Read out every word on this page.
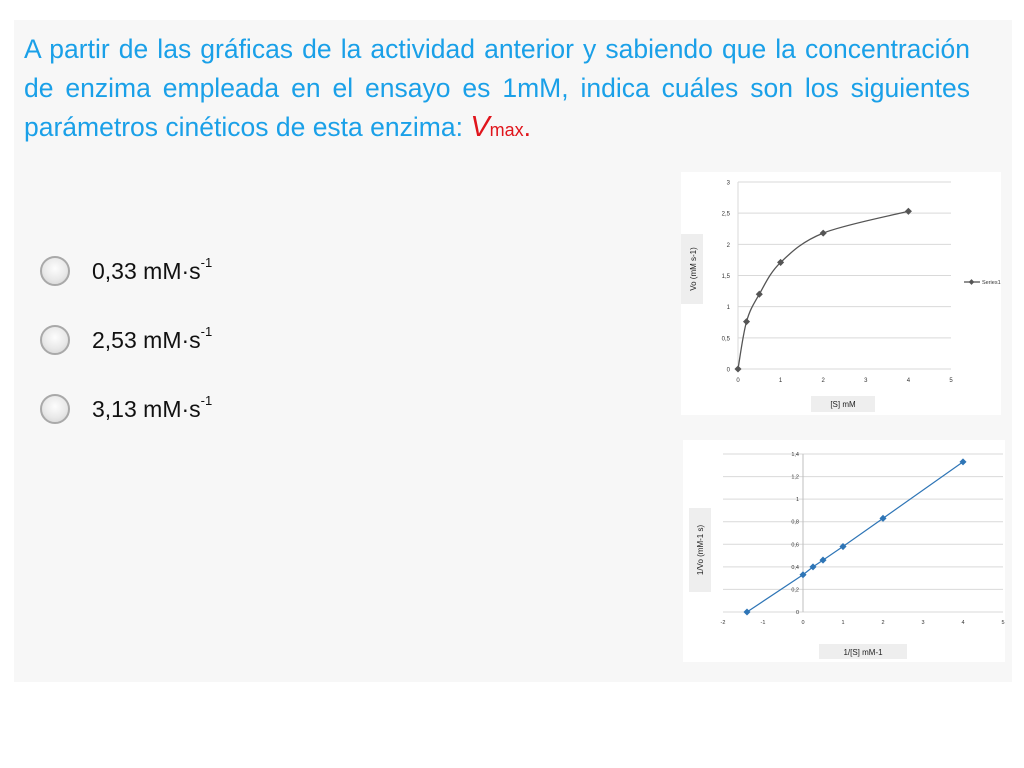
A partir de las gráficas de la actividad anterior y sabiendo que la concentración de enzima empleada en el ensayo es 1mM, indica cuáles son los siguientes parámetros cinéticos de esta enzima: Vmax.

0,33 $mM\cdot s^{-1}$
2,53 $mM\cdot s^{-1}$
3,13 $mM\cdot s^{-1}$
0
0,5
1
1,5
2
2,5
3
0	1	2	3	4	5
Vo (mM s-1)
[S] mM
Series1
0
0,2
0,4
0,6
0,8
1
1,2
1,4
-2	-1	0	1	2	3	4	5
1/Vo (mM-1 s)
1/[S] mM-1
